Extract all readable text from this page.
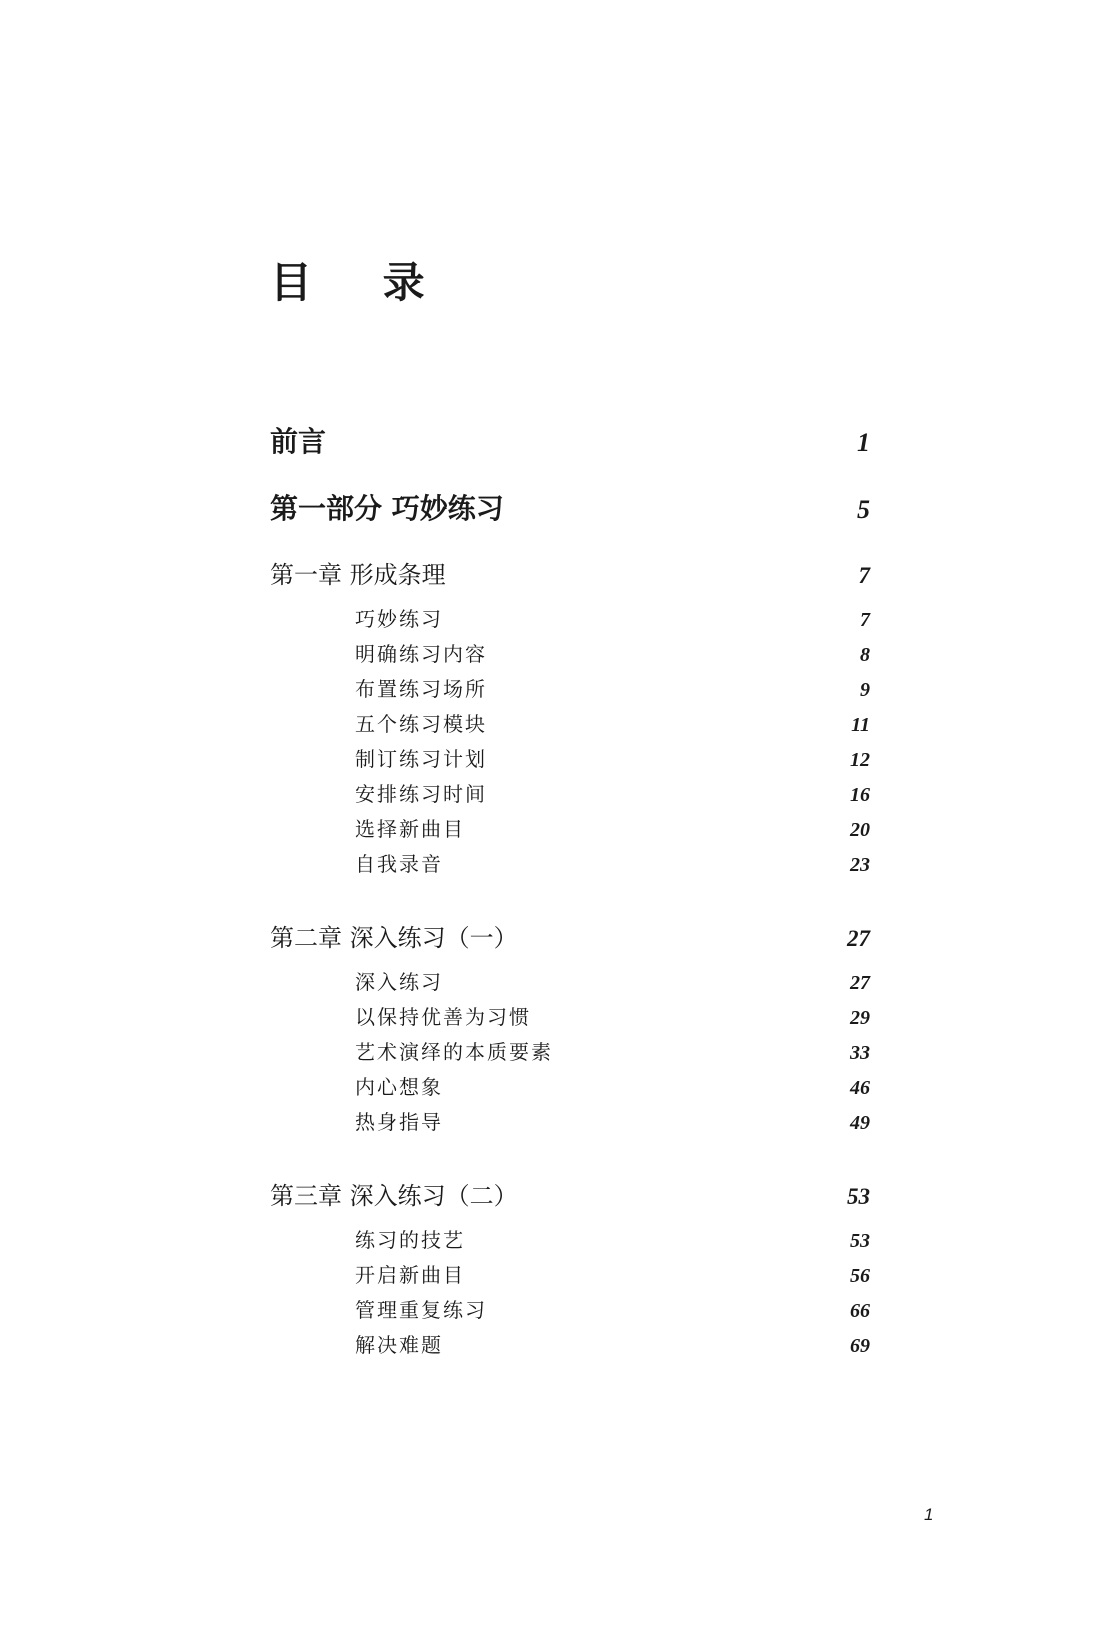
目 录
前言	1
第一部分 巧妙练习	5
第一章 形成条理	7
巧妙练习	7
明确练习内容	8
布置练习场所	9
五个练习模块	11
制订练习计划	12
安排练习时间	16
选择新曲目	20
自我录音	23
第二章 深入练习（一）	27
深入练习	27
以保持优善为习惯	29
艺术演绎的本质要素	33
内心想象	46
热身指导	49
第三章 深入练习（二）	53
练习的技艺	53
开启新曲目	56
管理重复练习	66
解决难题	69
1
